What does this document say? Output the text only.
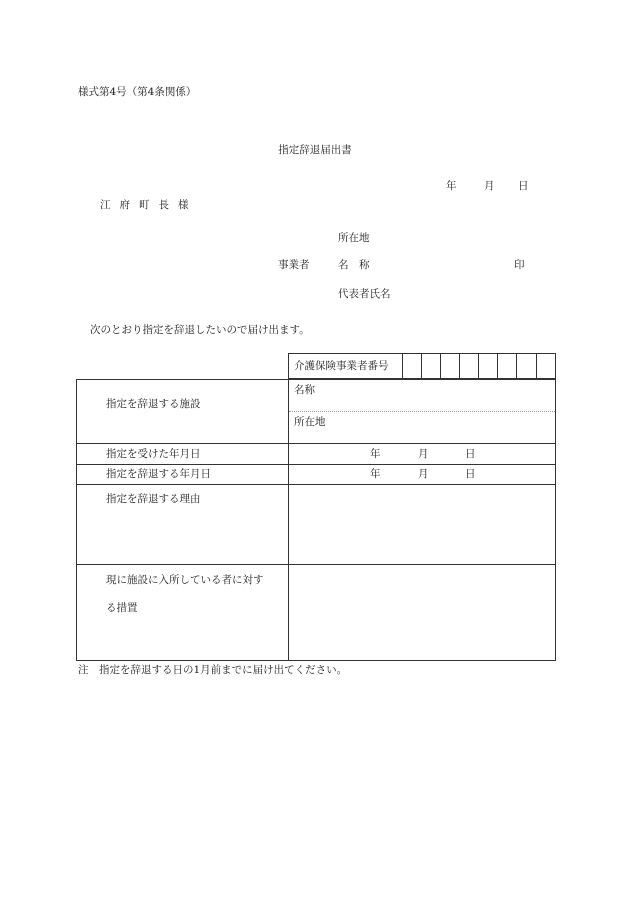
様式第4号（第4条関係）
指定辞退届出書
年	月 日
江府町長様
所在地
事業者	名　称	印
代表者氏名
次のとおり指定を辞退したいので届け出ます。
介護保険事業者番号
指定を辞退する施設
名称
所在地
指定を受けた年月日	年	月	日
指定を辞退する年月日	年	月	日
指定を辞退する理由
現に施設に入所している者に対す
る措置
注　指定を辞退する日の1月前までに届け出てください。
